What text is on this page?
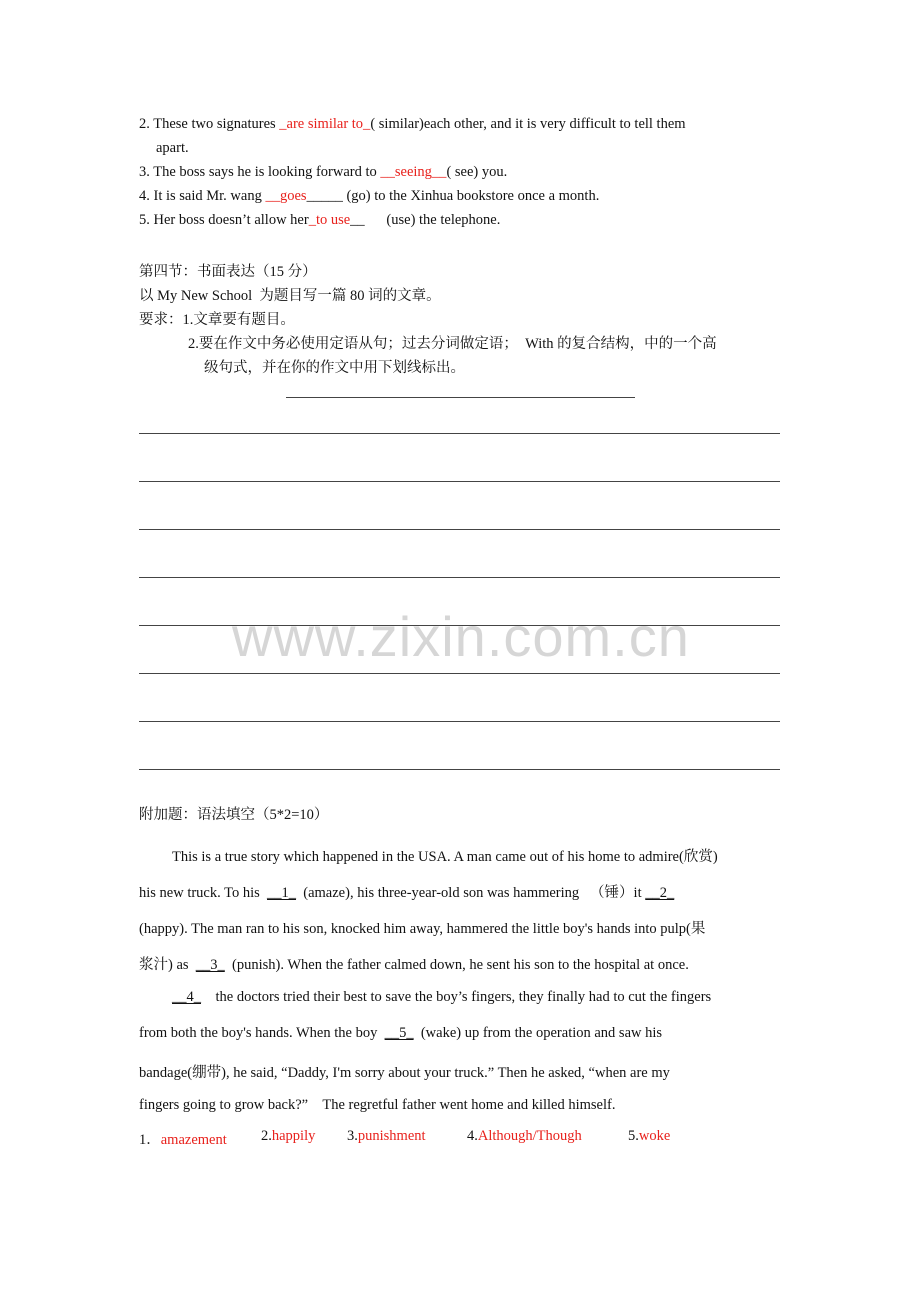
2. These two signatures _are similar to_( similar)each other, and it is very difficult to tell them
apart.
3. The boss says he is looking forward to __seeing__( see) you.
4. It is said Mr. wang __goes_____ (go) to the Xinhua bookstore once a month.
5. Her boss doesn’t allow her_to use__      (use) the telephone.
第四节：书面表达（15 分）
以 My New School  为题目写一篇 80 词的文章。
要求：1.文章要有题目。
2.要在作文中务必使用定语从句；过去分词做定语；  With 的复合结构，中的一个高
级句式，并在你的作文中用下划线标出。
www.zixin.com.cn
附加题：语法填空（5*2=10）
This is a true story which happened in the USA. A man came out of his home to admire(欣赏)
his new truck. To his __1_ (amaze), his three-year-old son was hammering   （锤）it __2_
(happy). The man ran to his son, knocked him away, hammered the little boy's hands into pulp(果
浆汁) as __3_ (punish). When the father calmed down, he sent his son to the hospital at once.
__4_ the doctors tried their best to save the boy’s fingers, they finally had to cut the fingers
from both the boy's hands. When the boy __5_ (wake) up from the operation and saw his
bandage(绷带), he said, “Daddy, I'm sorry about your truck.” Then he asked, “when are my
fingers going to grow back?”    The regretful father went home and killed himself.
1．amazement 2.happily 3.punishment	4.Although/Though	5.woke
